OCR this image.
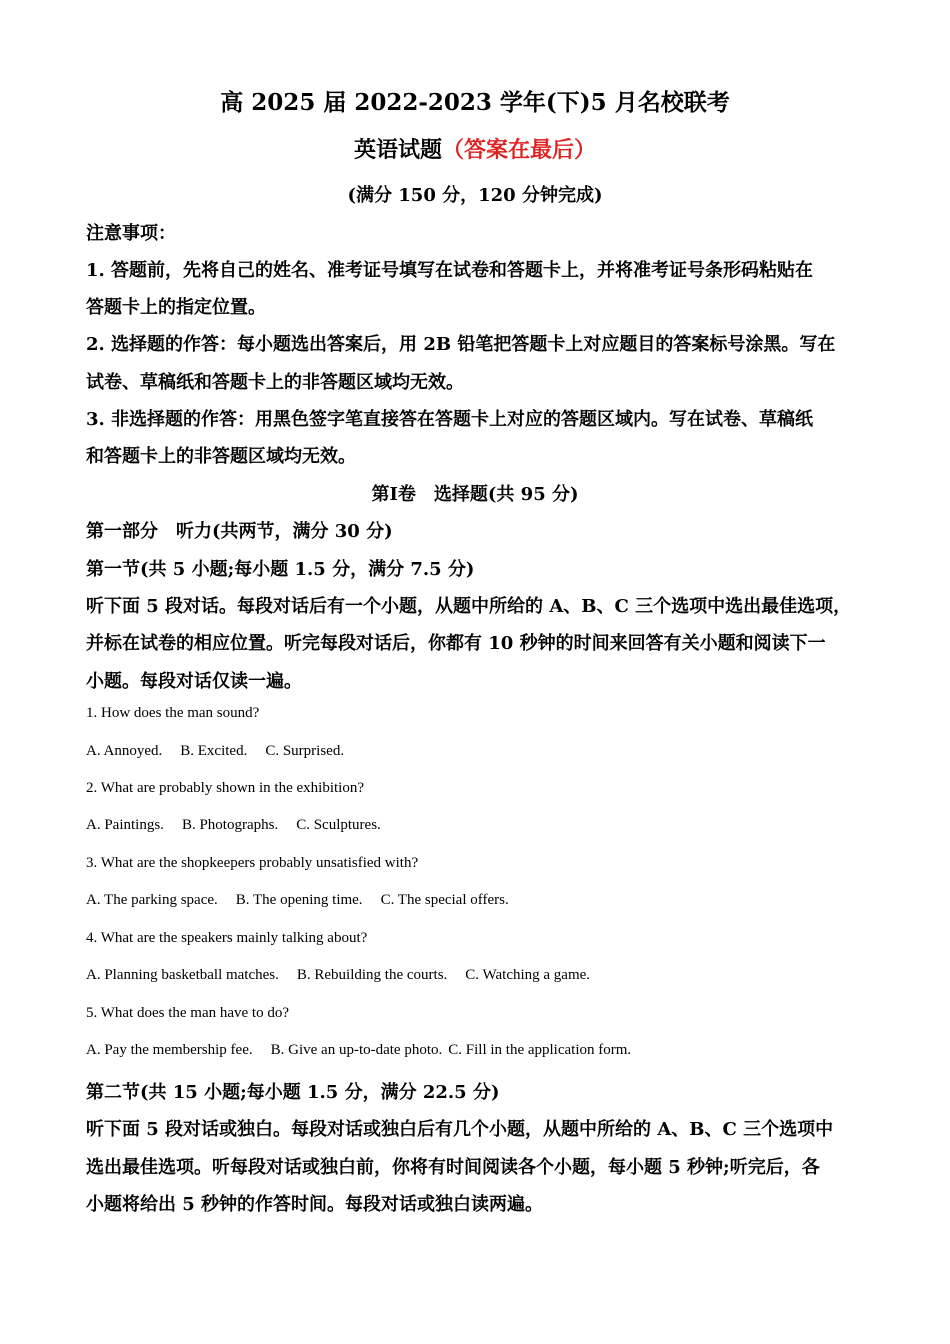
高 2025 届 2022-2023 学年(下)5 月名校联考
英语试题（答案在最后）
(满分 150 分，120 分钟完成)
注意事项：
1. 答题前，先将自己的姓名、准考证号填写在试卷和答题卡上，并将准考证号条形码粘贴在
答题卡上的指定位置。
2. 选择题的作答：每小题选出答案后，用 2B 铅笔把答题卡上对应题目的答案标号涂黑。写在
试卷、草稿纸和答题卡上的非答题区域均无效。
3. 非选择题的作答：用黑色签字笔直接答在答题卡上对应的答题区域内。写在试卷、草稿纸
和答题卡上的非答题区域均无效。
第Ⅰ卷　选择题(共 95 分)
第一部分　听力(共两节，满分 30 分)
第一节(共 5 小题;每小题 1.5 分，满分 7.5 分)
听下面 5 段对话。每段对话后有一个小题，从题中所给的 A、B、C 三个选项中选出最佳选项，
并标在试卷的相应位置。听完每段对话后，你都有 10 秒钟的时间来回答有关小题和阅读下一
小题。每段对话仅读一遍。
1. How does the man sound?
A. Annoyed. B. Excited. C. Surprised.
2. What are probably shown in the exhibition?
A. Paintings. B. Photographs. C. Sculptures.
3. What are the shopkeepers probably unsatisfied with?
A. The parking space. B. The opening time. C. The special offers.
4. What are the speakers mainly talking about?
A. Planning basketball matches. B. Rebuilding the courts. C. Watching a game.
5. What does the man have to do?
A. Pay the membership fee. B. Give an up-to-date photo. C. Fill in the application form.
第二节(共 15 小题;每小题 1.5 分，满分 22.5 分)
听下面 5 段对话或独白。每段对话或独白后有几个小题，从题中所给的 A、B、C 三个选项中
选出最佳选项。听每段对话或独白前，你将有时间阅读各个小题，每小题 5 秒钟;听完后，各
小题将给出 5 秒钟的作答时间。每段对话或独白读两遍。
